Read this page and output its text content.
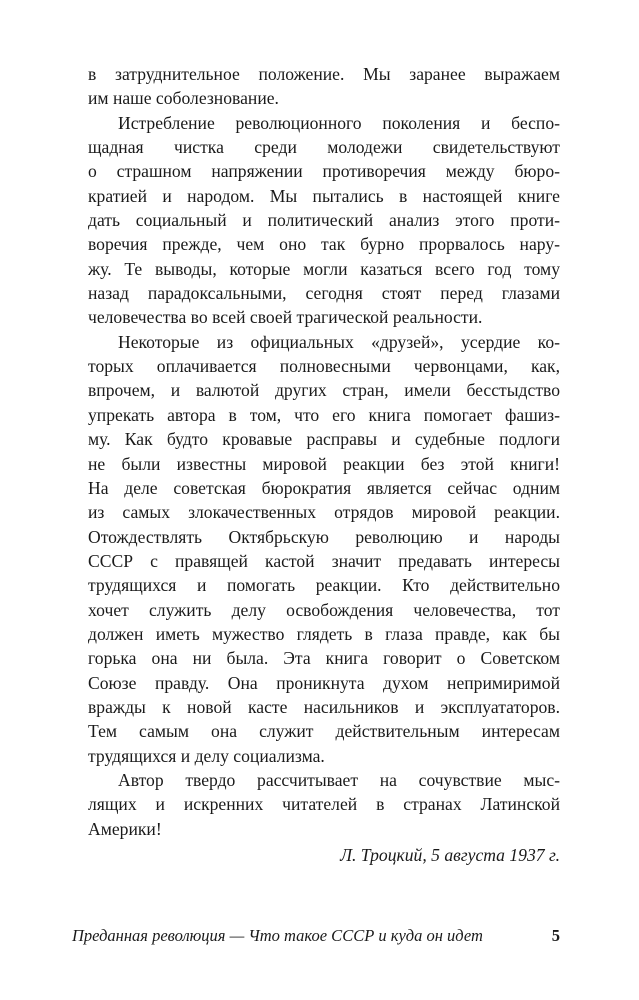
в затруднительное положение. Мы заранее выражаем
им наше соболезнование.
Истребление революционного поколения и беспо-
щадная чистка среди молодежи свидетельствуют
о страшном напряжении противоречия между бюро-
кратией и народом. Мы пытались в настоящей книге
дать социальный и политический анализ этого проти-
воречия прежде, чем оно так бурно прорвалось нару-
жу. Те выводы, которые могли казаться всего год тому
назад парадоксальными, сегодня стоят перед глазами
человечества во всей своей трагической реальности.
Некоторые из официальных «друзей», усердие ко-
торых оплачивается полновесными червонцами, как,
впрочем, и валютой других стран, имели бесстыдство
упрекать автора в том, что его книга помогает фашиз-
му. Как будто кровавые расправы и судебные подлоги
не были известны мировой реакции без этой книги!
На деле советская бюрократия является сейчас одним
из самых злокачественных отрядов мировой реакции.
Отождествлять Октябрьскую революцию и народы
СССР с правящей кастой значит предавать интересы
трудящихся и помогать реакции. Кто действительно
хочет служить делу освобождения человечества, тот
должен иметь мужество глядеть в глаза правде, как бы
горька она ни была. Эта книга говорит о Советском
Союзе правду. Она проникнута духом непримиримой
вражды к новой касте насильников и эксплуататоров.
Тем самым она служит действительным интересам
трудящихся и делу социализма.
Автор твердо рассчитывает на сочувствие мыс-
лящих и искренних читателей в странах Латинской
Америки!
Л. Троцкий, 5 августа 1937 г.
Преданная революция — Что такое СССР и куда он идет	5
